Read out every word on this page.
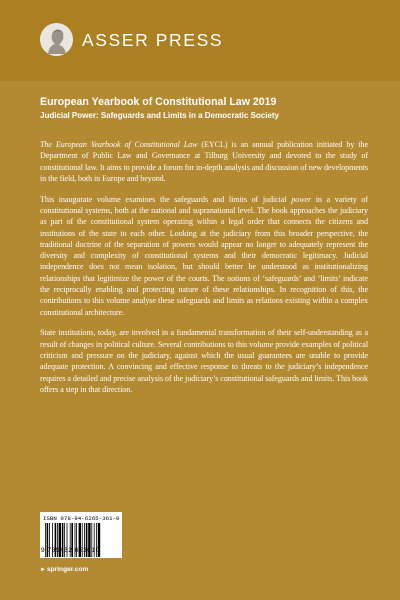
ASSER PRESS
European Yearbook of Constitutional Law 2019
Judicial Power: Safeguards and Limits in a Democratic Society

The European Yearbook of Constitutional Law (EYCL) is an annual publication initiated by the Department of Public Law and Governance at Tilburg University and devoted to the study of constitutional law. It aims to provide a forum for in-depth analysis and discussion of new developments in the field, both in Europe and beyond.

This inaugurate volume examines the safeguards and limits of judicial power in a variety of constitutional systems, both at the national and supranational level. The book approaches the judiciary as part of the constitutional system operating within a legal order that connects the citizens and institutions of the state to each other. Looking at the judiciary from this broader perspective, the traditional doctrine of the separation of powers would appear no longer to adequately represent the diversity and complexity of constitutional systems and their democratic legitimacy. Judicial independence does not mean isolation, but should better be understood as institutionalizing relationships that legitimize the power of the courts. The notions of ‘safeguards’ and ‘limits’ indicate the reciprocally enabling and protecting nature of these relationships. In recognition of this, the contributions to this volume analyse these safeguards and limits as relations existing within a complex constitutional architecture.

State institutions, today, are involved in a fundamental transformation of their self-understanding as a result of changes in political culture. Several contributions to this volume provide examples of political criticism and pressure on the judiciary, against which the usual guarantees are unable to provide adequate protection. A convincing and effective response to threats to the judiciary’s independence requires a detailed and precise analysis of the judiciary’s constitutional safeguards and limits. This book offers a step in that direction.

ISBN 978-94-6265-361-0
9 789462 653610
►springer.com
